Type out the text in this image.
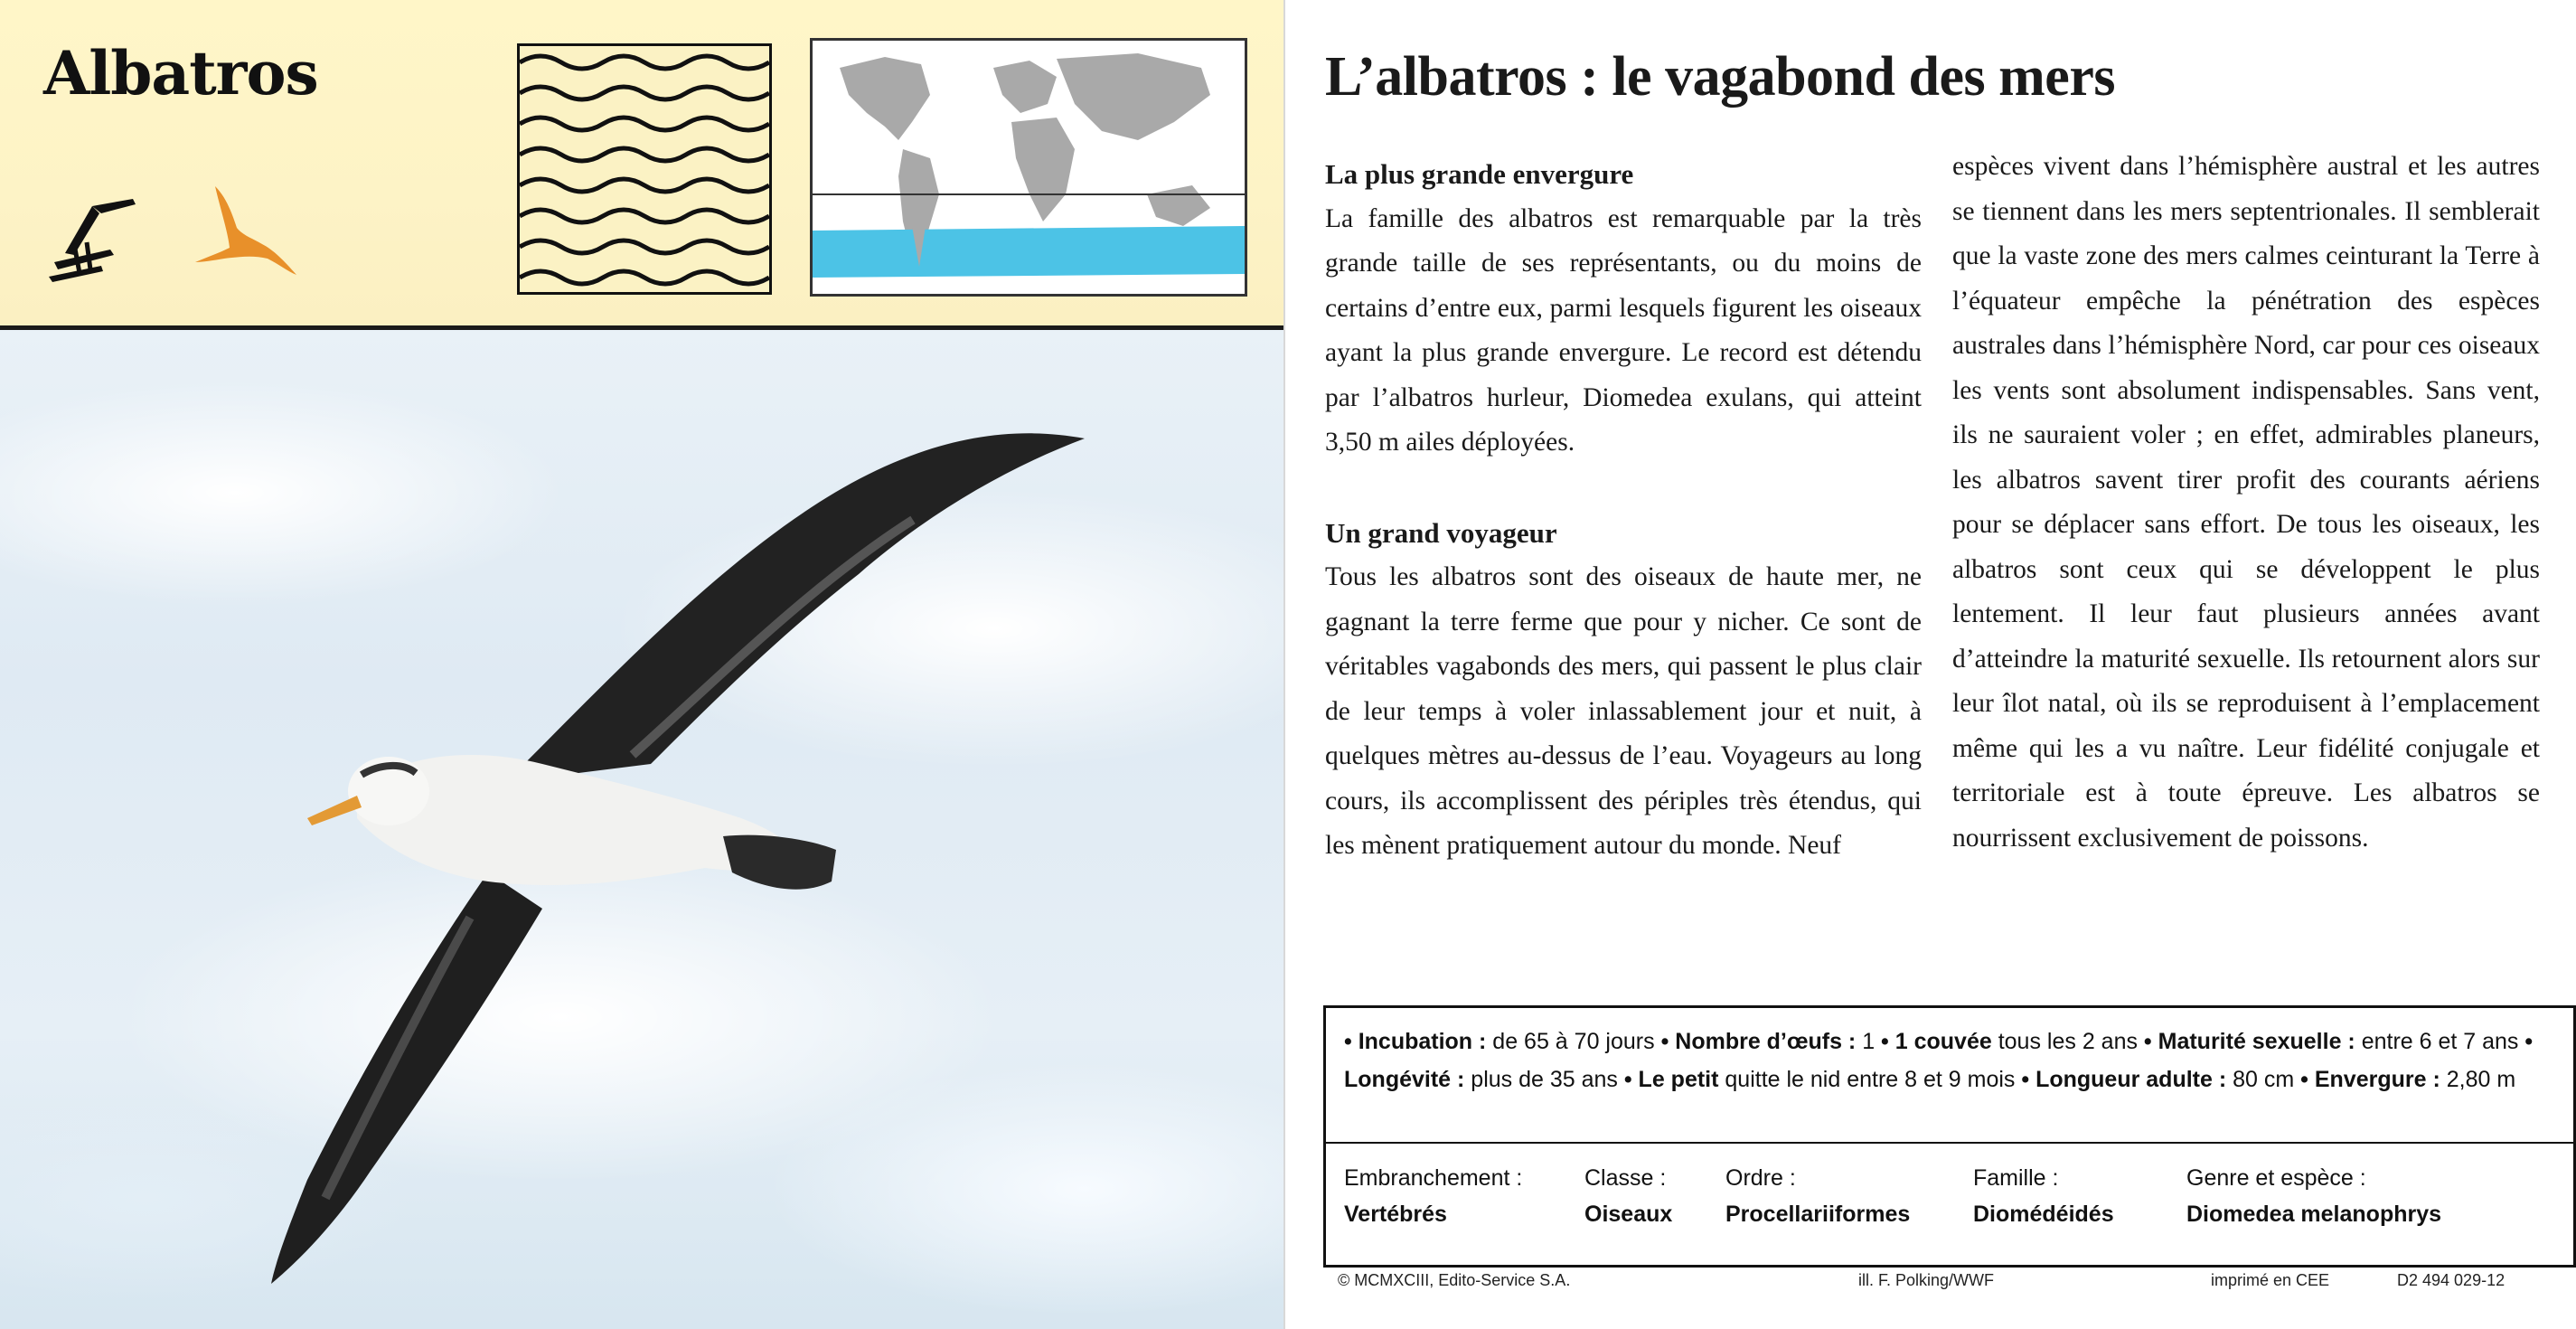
Albatros	L’albatros : le vagabond des mers
La plus grande envergure
La famille des albatros est remarquable par la très grande taille de ses représentants, ou du moins de certains d’entre eux, parmi lesquels figurent les oiseaux ayant la plus grande envergure. Le record est détendu par l’albatros hurleur, Diomedea exulans, qui atteint 3,50 m ailes déployées.
Un grand voyageur
Tous les albatros sont des oiseaux de haute mer, ne gagnant la terre ferme que pour y nicher. Ce sont de véritables vagabonds des mers, qui passent le plus clair de leur temps à voler inlassablement jour et nuit, à quelques mètres au-dessus de l’eau. Voyageurs au long cours, ils accomplissent des périples très étendus, qui les mènent pratiquement autour du monde. Neuf
espèces vivent dans l’hémisphère austral et les autres se tiennent dans les mers septentrionales. Il semblerait que la vaste zone des mers calmes ceinturant la Terre à l’équateur empêche la pénétration des espèces australes dans l’hémisphère Nord, car pour ces oiseaux les vents sont absolument indispensables. Sans vent, ils ne sauraient voler ; en effet, admirables planeurs, les albatros savent tirer profit des courants aériens pour se déplacer sans effort. De tous les oiseaux, les albatros sont ceux qui se développent le plus lentement. Il leur faut plusieurs années avant d’atteindre la maturité sexuelle. Ils retournent alors sur leur îlot natal, où ils se reproduisent à l’emplacement même qui les a vu naître. Leur fidélité conjugale et territoriale est à toute épreuve. Les albatros se nourrissent exclusivement de poissons.
• Incubation : de 65 à 70 jours • Nombre d’œufs : 1 • 1 couvée tous les 2 ans • Maturité sexuelle : entre 6 et 7 ans • Longévité : plus de 35 ans • Le petit quitte le nid entre 8 et 9 mois • Longueur adulte : 80 cm • Envergure : 2,80 m
Embranchement :
Vertébrés
Classe :
Oiseaux
Ordre :
Procellariiformes
Famille :
Diomédéidés
Genre et espèce :
Diomedea melanophrys
© MCMXCIII, Edito-Service S.A.	ill. F. Polking/WWF	imprimé en CEE	D2 494 029-12
